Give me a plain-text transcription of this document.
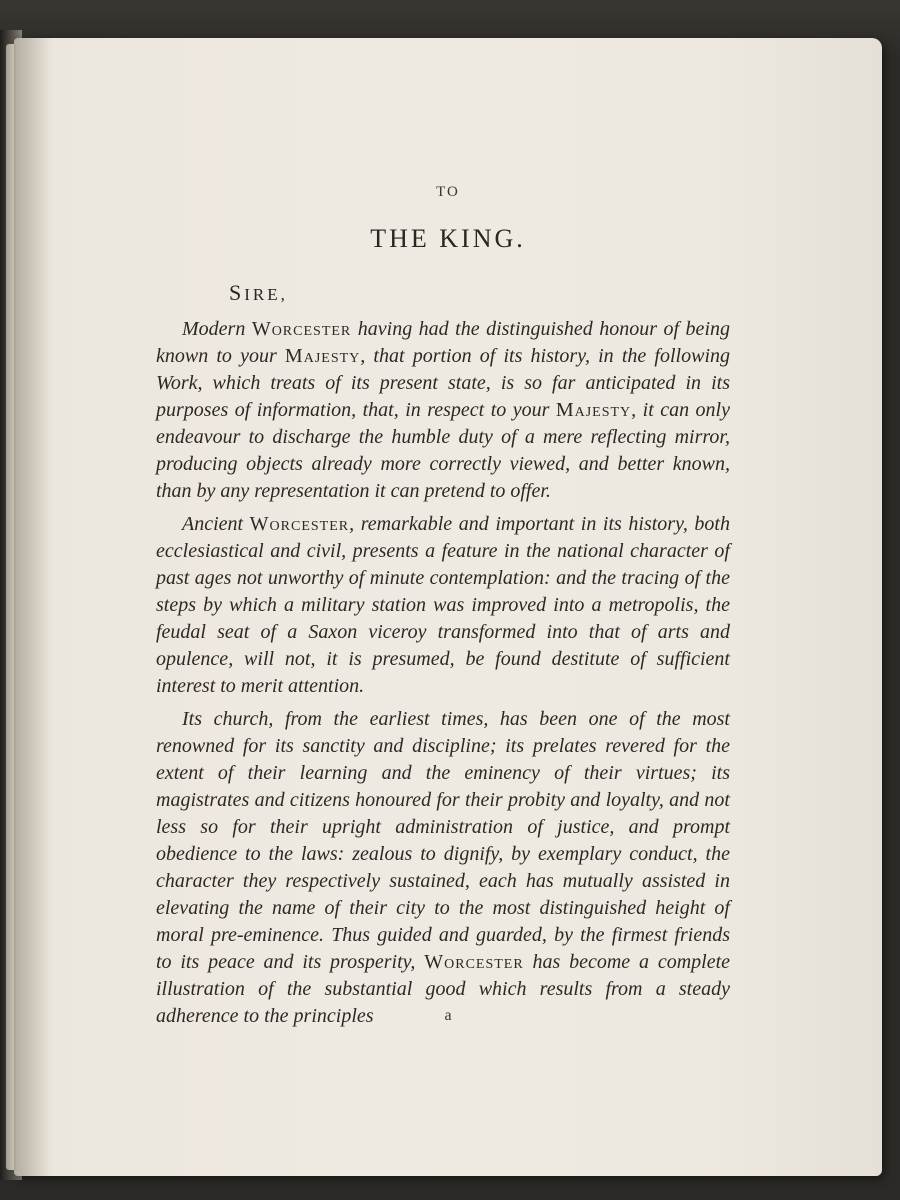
TO
THE KING.
SIRE,

Modern Worcester having had the distinguished honour of being known to your Majesty, that portion of its history, in the following Work, which treats of its present state, is so far anticipated in its purposes of information, that, in respect to your Majesty, it can only endeavour to discharge the humble duty of a mere reflecting mirror, producing objects already more correctly viewed, and better known, than by any representation it can pretend to offer.

Ancient Worcester, remarkable and important in its history, both ecclesiastical and civil, presents a feature in the national character of past ages not unworthy of minute contemplation: and the tracing of the steps by which a military station was improved into a metropolis, the feudal seat of a Saxon viceroy transformed into that of arts and opulence, will not, it is presumed, be found destitute of sufficient interest to merit attention.

Its church, from the earliest times, has been one of the most renowned for its sanctity and discipline; its prelates revered for the extent of their learning and the eminency of their virtues; its magistrates and citizens honoured for their probity and loyalty, and not less so for their upright administration of justice, and prompt obedience to the laws: zealous to dignify, by exemplary conduct, the character they respectively sustained, each has mutually assisted in elevating the name of their city to the most distinguished height of moral pre-eminence. Thus guided and guarded, by the firmest friends to its peace and its prosperity, Worcester has become a complete illustration of the substantial good which results from a steady adherence to the principles	a
